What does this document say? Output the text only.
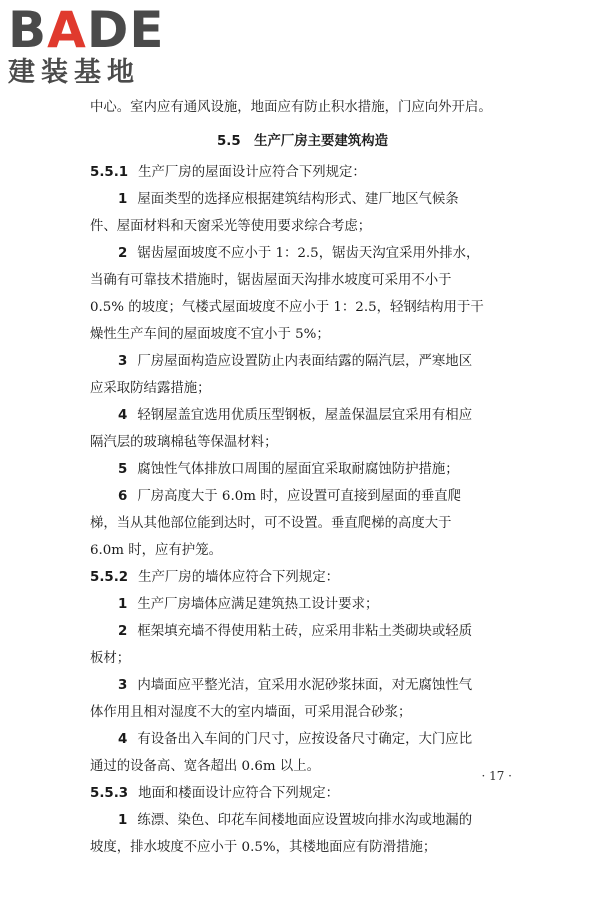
BADE
建装基地
中心。室内应有通风设施，地面应有防止积水措施，门应向外开启。
5.5　生产厂房主要建筑构造
5.5.1 生产厂房的屋面设计应符合下列规定：
1 屋面类型的选择应根据建筑结构形式、建厂地区气候条
件、屋面材料和天窗采光等使用要求综合考虑；
2 锯齿屋面坡度不应小于 1：2.5，锯齿天沟宜采用外排水，
当确有可靠技术措施时，锯齿屋面天沟排水坡度可采用不小于
0.5% 的坡度；气楼式屋面坡度不应小于 1：2.5，轻钢结构用于干
燥性生产车间的屋面坡度不宜小于 5%；
3 厂房屋面构造应设置防止内表面结露的隔汽层，严寒地区
应采取防结露措施；
4 轻钢屋盖宜选用优质压型钢板，屋盖保温层宜采用有相应
隔汽层的玻璃棉毡等保温材料；
5 腐蚀性气体排放口周围的屋面宜采取耐腐蚀防护措施；
6 厂房高度大于 6.0m 时，应设置可直接到屋面的垂直爬
梯，当从其他部位能到达时，可不设置。垂直爬梯的高度大于
6.0m 时，应有护笼。
5.5.2 生产厂房的墙体应符合下列规定：
1 生产厂房墙体应满足建筑热工设计要求；
2 框架填充墙不得使用粘土砖，应采用非粘土类砌块或轻质
板材；
3 内墙面应平整光洁，宜采用水泥砂浆抹面，对无腐蚀性气
体作用且相对湿度不大的室内墙面，可采用混合砂浆；
4 有设备出入车间的门尺寸，应按设备尺寸确定，大门应比
通过的设备高、宽各超出 0.6m 以上。
5.5.3 地面和楼面设计应符合下列规定：
1 练漂、染色、印花车间楼地面应设置坡向排水沟或地漏的
坡度，排水坡度不应小于 0.5%，其楼地面应有防滑措施；
· 17 ·
